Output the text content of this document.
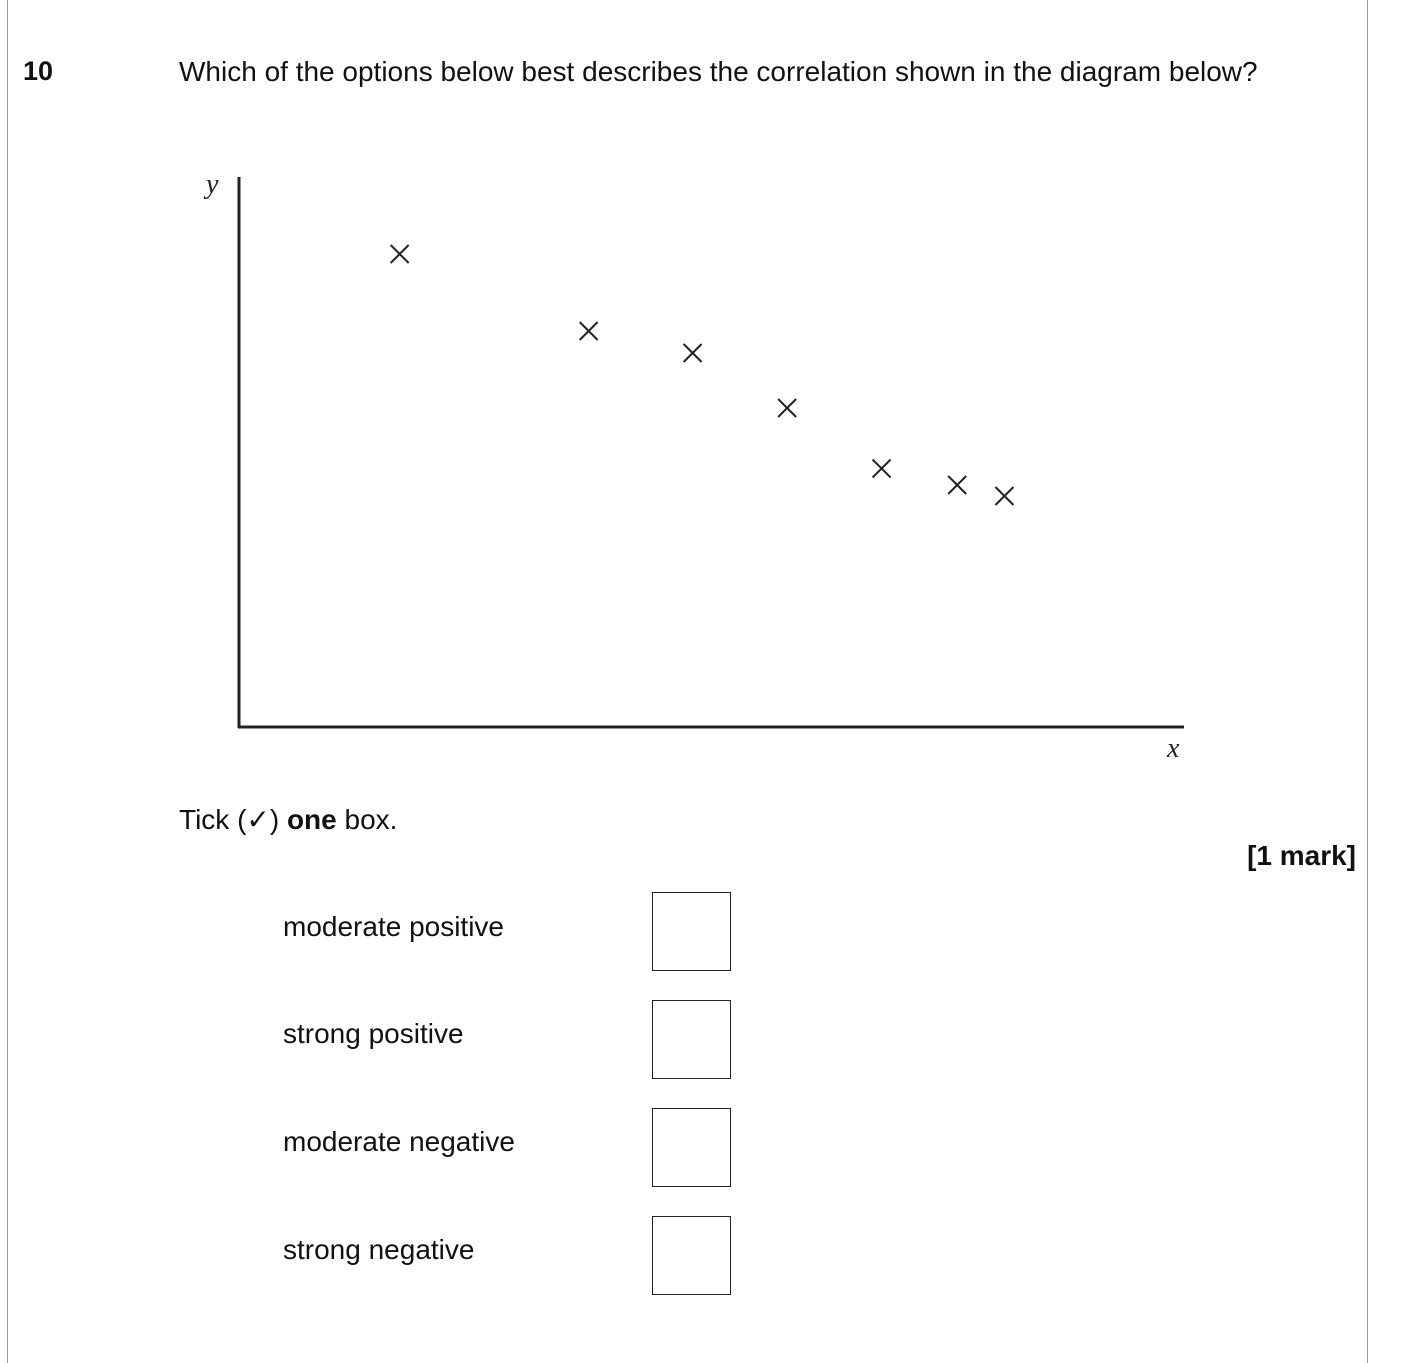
10	Which of the options below best describes the correlation shown in the diagram below?
y
x
Tick (✓) one box.
[1 mark]
moderate positive
strong positive
moderate negative
strong negative
